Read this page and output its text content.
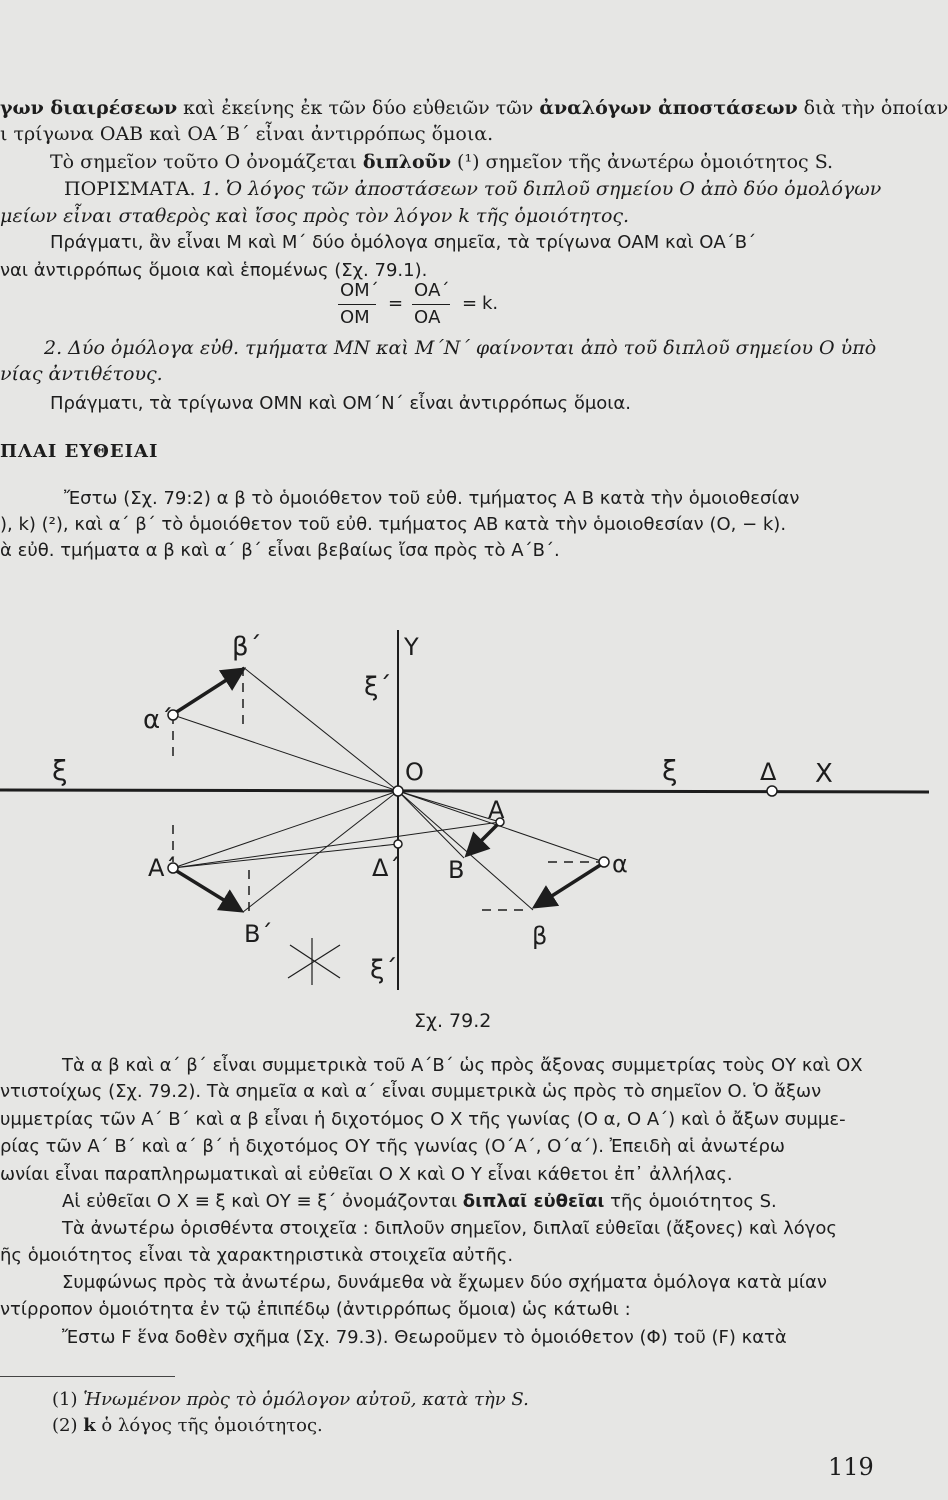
γων διαιρέσεων καὶ ἐκείνης ἐκ τῶν δύο εὐθειῶν τῶν ἀναλόγων ἀποστάσεων διὰ τὴν ὁποίαν
ι τρίγωνα ΟΑΒ καὶ ΟΑ΄Β΄ εἶναι ἀντιρρόπως ὅμοια.
Τὸ σημεῖον τοῦτο Ο ὀνομάζεται διπλοῦν (¹) σημεῖον τῆς ἀνωτέρω ὁμοιότητος S.
ΠΟΡΙΣΜΑΤΑ. 1. Ὁ λόγος τῶν ἀποστάσεων τοῦ διπλοῦ σημείου Ο ἀπὸ δύο ὁμολόγων
μείων εἶναι σταθερὸς καὶ ἴσος πρὸς τὸν λόγον k τῆς ὁμοιότητος.
Πράγματι, ἂν εἶναι Μ καὶ Μ΄ δύο ὁμόλογα σημεῖα, τὰ τρίγωνα ΟΑΜ καὶ ΟΑ΄Β΄
ναι ἀντιρρόπως ὅμοια καὶ ἑπομένως (Σχ. 79.1).
ΟΜ΄
ΟΜ
=
ΟΑ΄
ΟΑ
= k.
2. Δύο ὁμόλογα εὐθ. τμήματα ΜΝ καὶ Μ΄Ν΄ φαίνονται ἀπὸ τοῦ διπλοῦ σημείου Ο ὑπὸ
νίας ἀντιθέτους.
Πράγματι, τὰ τρίγωνα ΟΜΝ καὶ ΟΜ΄Ν΄ εἶναι ἀντιρρόπως ὅμοια.
ΠΛΑΙ ΕΥΘΕΙΑΙ
Ἔστω (Σχ. 79:2) α β τὸ ὁμοιόθετον τοῦ εὐθ. τμήματος Α Β κατὰ τὴν ὁμοιοθεσίαν
), k) (²), καὶ α΄ β΄ τὸ ὁμοιόθετον τοῦ εὐθ. τμήματος ΑΒ κατὰ τὴν ὁμοιοθεσίαν (Ο, − k).
ὰ εὐθ. τμήματα α β καὶ α΄ β΄ εἶναι βεβαίως ἴσα πρὸς τὸ Α΄Β΄.
β΄	Υ
ξ΄
α΄
ξ	Ο	ξ	Δ Χ
Α
Α΄	Δ΄ Β	α
Β΄	β
ξ΄
Σχ. 79.2
Τὰ α β καὶ α΄ β΄ εἶναι συμμετρικὰ τοῦ Α΄Β΄ ὡς πρὸς ἄξονας συμμετρίας τοὺς ΟΥ καὶ ΟΧ
ντιστοίχως (Σχ. 79.2). Τὰ σημεῖα α καὶ α΄ εἶναι συμμετρικὰ ὡς πρὸς τὸ σημεῖον Ο. Ὁ ἄξων
υμμετρίας τῶν Α΄ Β΄ καὶ α β εἶναι ἡ διχοτόμος Ο Χ τῆς γωνίας (Ο α, Ο Α΄) καὶ ὁ ἄξων συμμε-
ρίας τῶν Α΄ Β΄ καὶ α΄ β΄ ἡ διχοτόμος ΟΥ τῆς γωνίας (Ο΄Α΄, Ο΄α΄). Ἐπειδὴ αἱ ἀνωτέρω
ωνίαι εἶναι παραπληρωματικαὶ αἱ εὐθεῖαι Ο Χ καὶ Ο Υ εἶναι κάθετοι ἐπ᾿ ἀλλήλας.
Αἱ εὐθεῖαι Ο Χ ≡ ξ καὶ ΟΥ ≡ ξ΄ ὀνομάζονται διπλαῖ εὐθεῖαι τῆς ὁμοιότητος S.
Τὰ ἀνωτέρω ὁρισθέντα στοιχεῖα : διπλοῦν σημεῖον, διπλαῖ εὐθεῖαι (ἄξονες) καὶ λόγος
ῆς ὁμοιότητος εἶναι τὰ χαρακτηριστικὰ στοιχεῖα αὐτῆς.
Συμφώνως πρὸς τὰ ἀνωτέρω, δυνάμεθα νὰ ἔχωμεν δύο σχήματα ὁμόλογα κατὰ μίαν
ντίρροπον ὁμοιότητα ἐν τῷ ἐπιπέδῳ (ἀντιρρόπως ὅμοια) ὡς κάτωθι :
Ἔστω F ἕνα δοθὲν σχῆμα (Σχ. 79.3). Θεωροῦμεν τὸ ὁμοιόθετον (Φ) τοῦ (F) κατὰ
(1) Ἡνωμένον πρὸς τὸ ὁμόλογον αὐτοῦ, κατὰ τὴν S.
(2) k ὁ λόγος τῆς ὁμοιότητος.
119
